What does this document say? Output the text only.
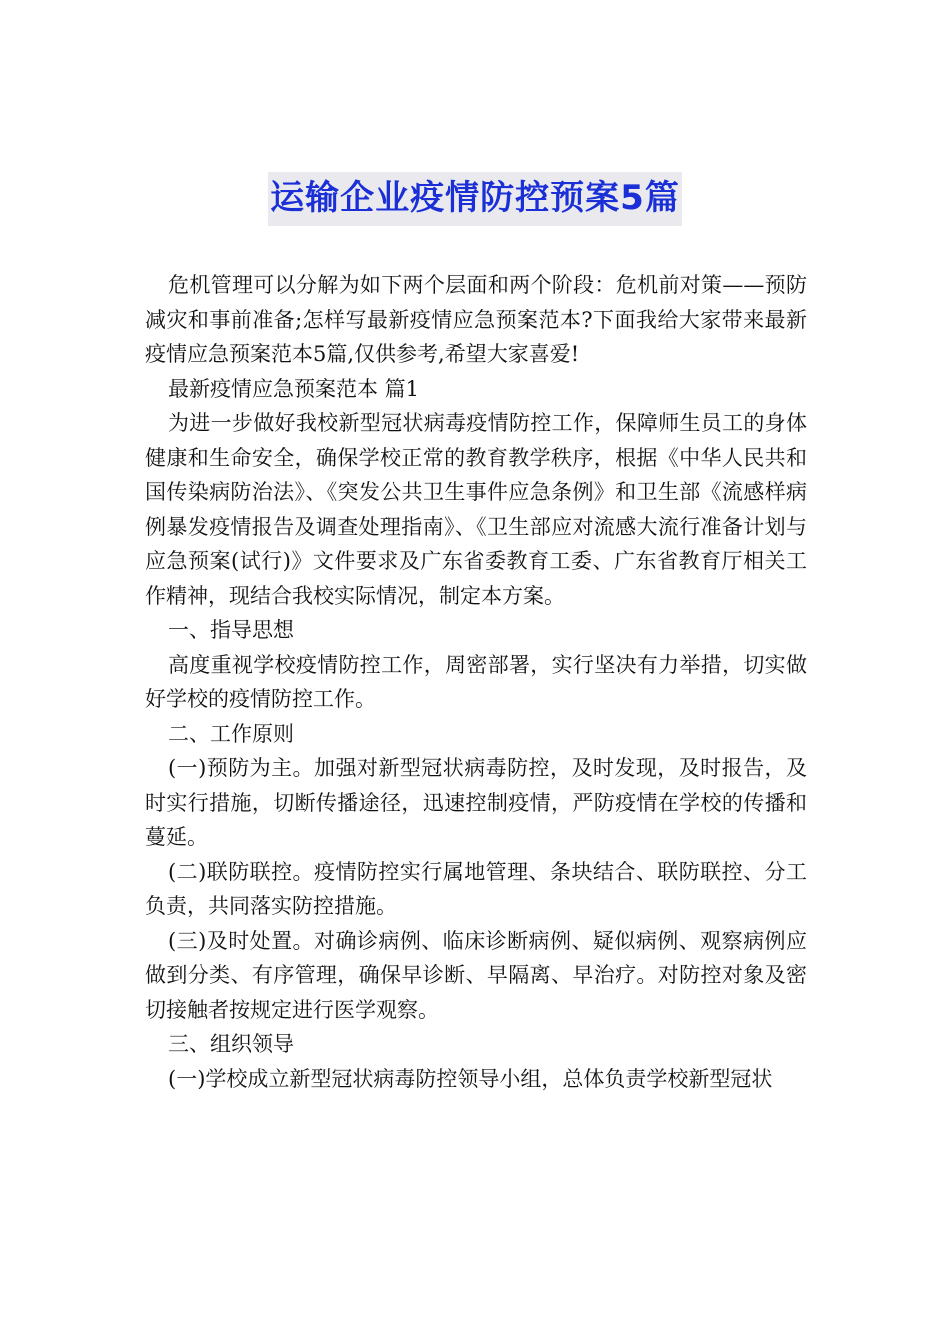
运输企业疫情防控预案5篇

危机管理可以分解为如下两个层面和两个阶段：危机前对策——预防减灾和事前准备;怎样写最新疫情应急预案范本?下面我给大家带来最新疫情应急预案范本5篇,仅供参考,希望大家喜爱!

最新疫情应急预案范本 篇1

为进一步做好我校新型冠状病毒疫情防控工作，保障师生员工的身体健康和生命安全，确保学校正常的教育教学秩序，根据《中华人民共和国传染病防治法》、《突发公共卫生事件应急条例》和卫生部《流感样病例暴发疫情报告及调查处理指南》、《卫生部应对流感大流行准备计划与应急预案(试行)》文件要求及广东省委教育工委、广东省教育厅相关工作精神，现结合我校实际情况，制定本方案。

一、指导思想

高度重视学校疫情防控工作，周密部署，实行坚决有力举措，切实做好学校的疫情防控工作。

二、工作原则

(一)预防为主。加强对新型冠状病毒防控，及时发现，及时报告，及时实行措施，切断传播途径，迅速控制疫情，严防疫情在学校的传播和蔓延。

(二)联防联控。疫情防控实行属地管理、条块结合、联防联控、分工负责，共同落实防控措施。

(三)及时处置。对确诊病例、临床诊断病例、疑似病例、观察病例应做到分类、有序管理，确保早诊断、早隔离、早治疗。对防控对象及密切接触者按规定进行医学观察。

三、组织领导

(一)学校成立新型冠状病毒防控领导小组，总体负责学校新型冠状
